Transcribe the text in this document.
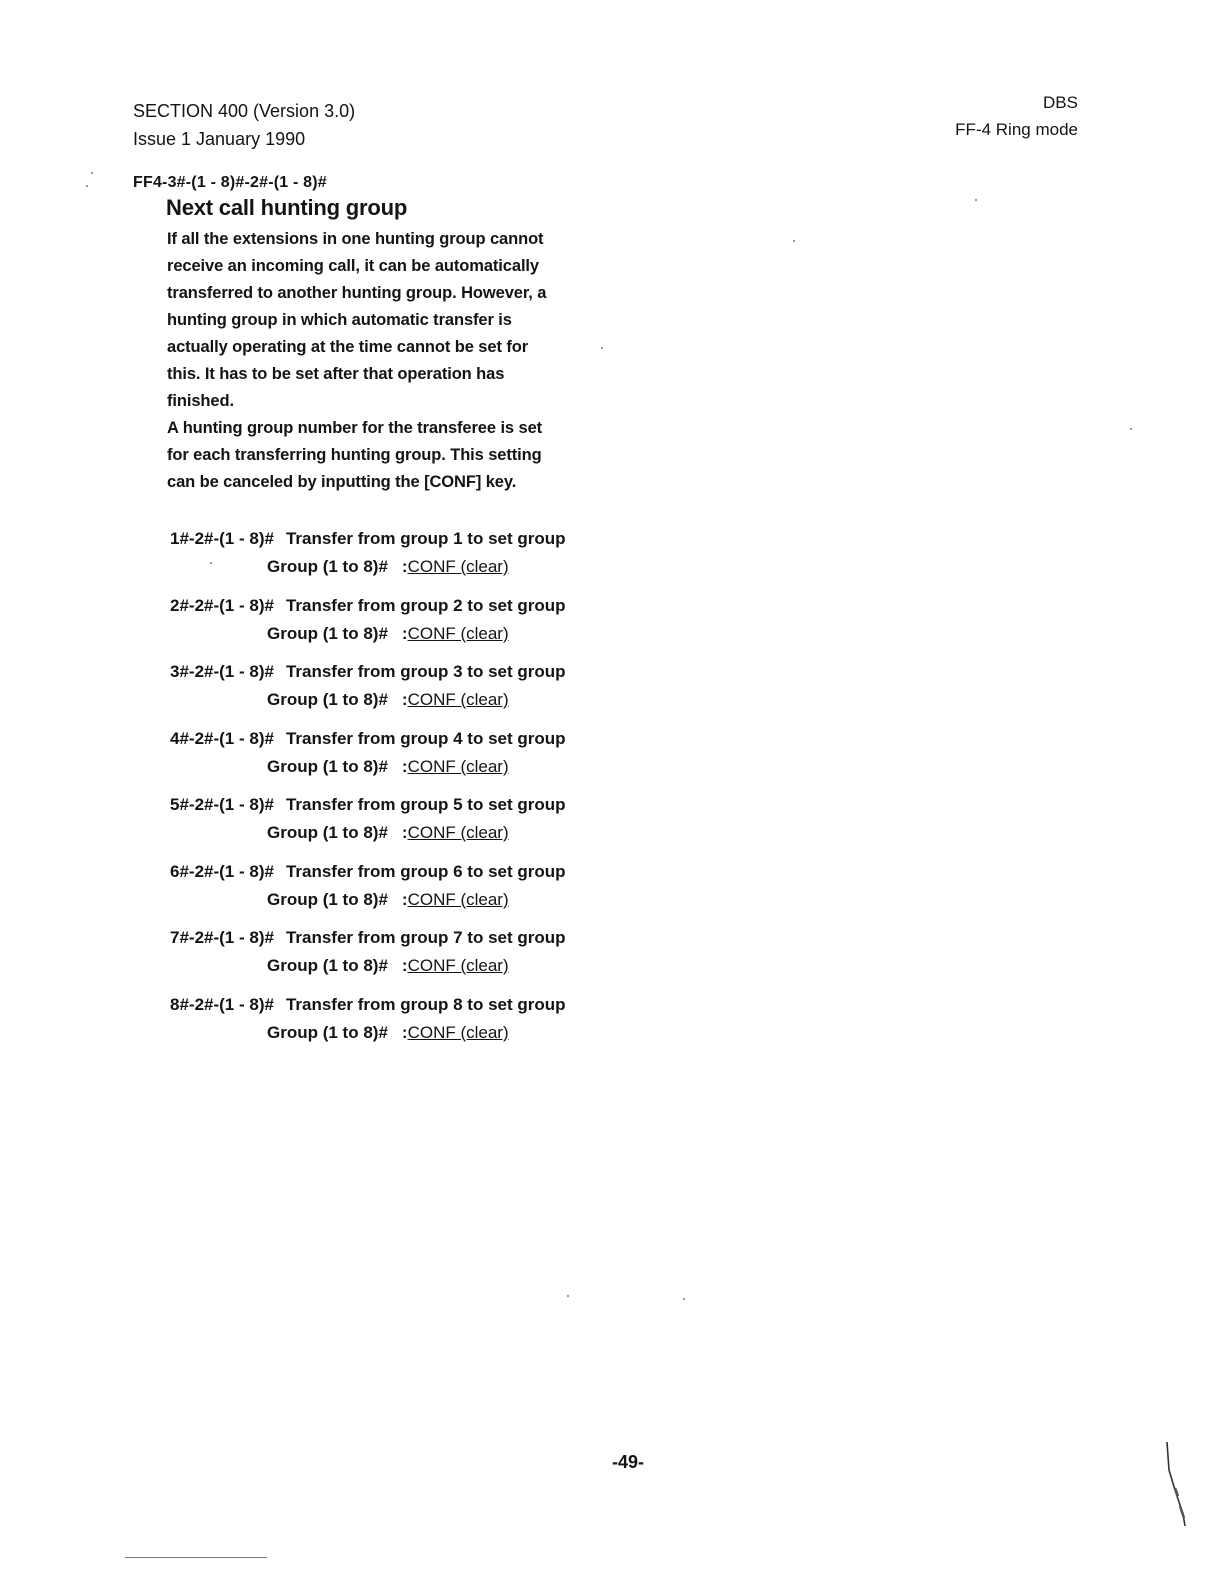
SECTION 400 (Version 3.0)
Issue 1 January 1990
DBS
FF-4 Ring mode
FF4-3#-(1 - 8)#-2#-(1 - 8)#
Next call hunting group
If all the extensions in one hunting group cannot
receive an incoming call, it can be automatically
transferred to another hunting group. However, a
hunting group in which automatic transfer is
actually operating at the time cannot be set for
this. It has to be set after that operation has
finished.
A hunting group number for the transferee is set
for each transferring hunting group. This setting
can be canceled by inputting the [CONF] key.
1#-2#-(1 - 8)# Transfer from group 1 to set group
Group (1 to 8)# :CONF (clear)
2#-2#-(1 - 8)# Transfer from group 2 to set group
Group (1 to 8)# :CONF (clear)
3#-2#-(1 - 8)# Transfer from group 3 to set group
Group (1 to 8)# :CONF (clear)
4#-2#-(1 - 8)# Transfer from group 4 to set group
Group (1 to 8)# :CONF (clear)
5#-2#-(1 - 8)# Transfer from group 5 to set group
Group (1 to 8)# :CONF (clear)
6#-2#-(1 - 8)# Transfer from group 6 to set group
Group (1 to 8)# :CONF (clear)
7#-2#-(1 - 8)# Transfer from group 7 to set group
Group (1 to 8)# :CONF (clear)
8#-2#-(1 - 8)# Transfer from group 8 to set group
Group (1 to 8)# :CONF (clear)
-49-
